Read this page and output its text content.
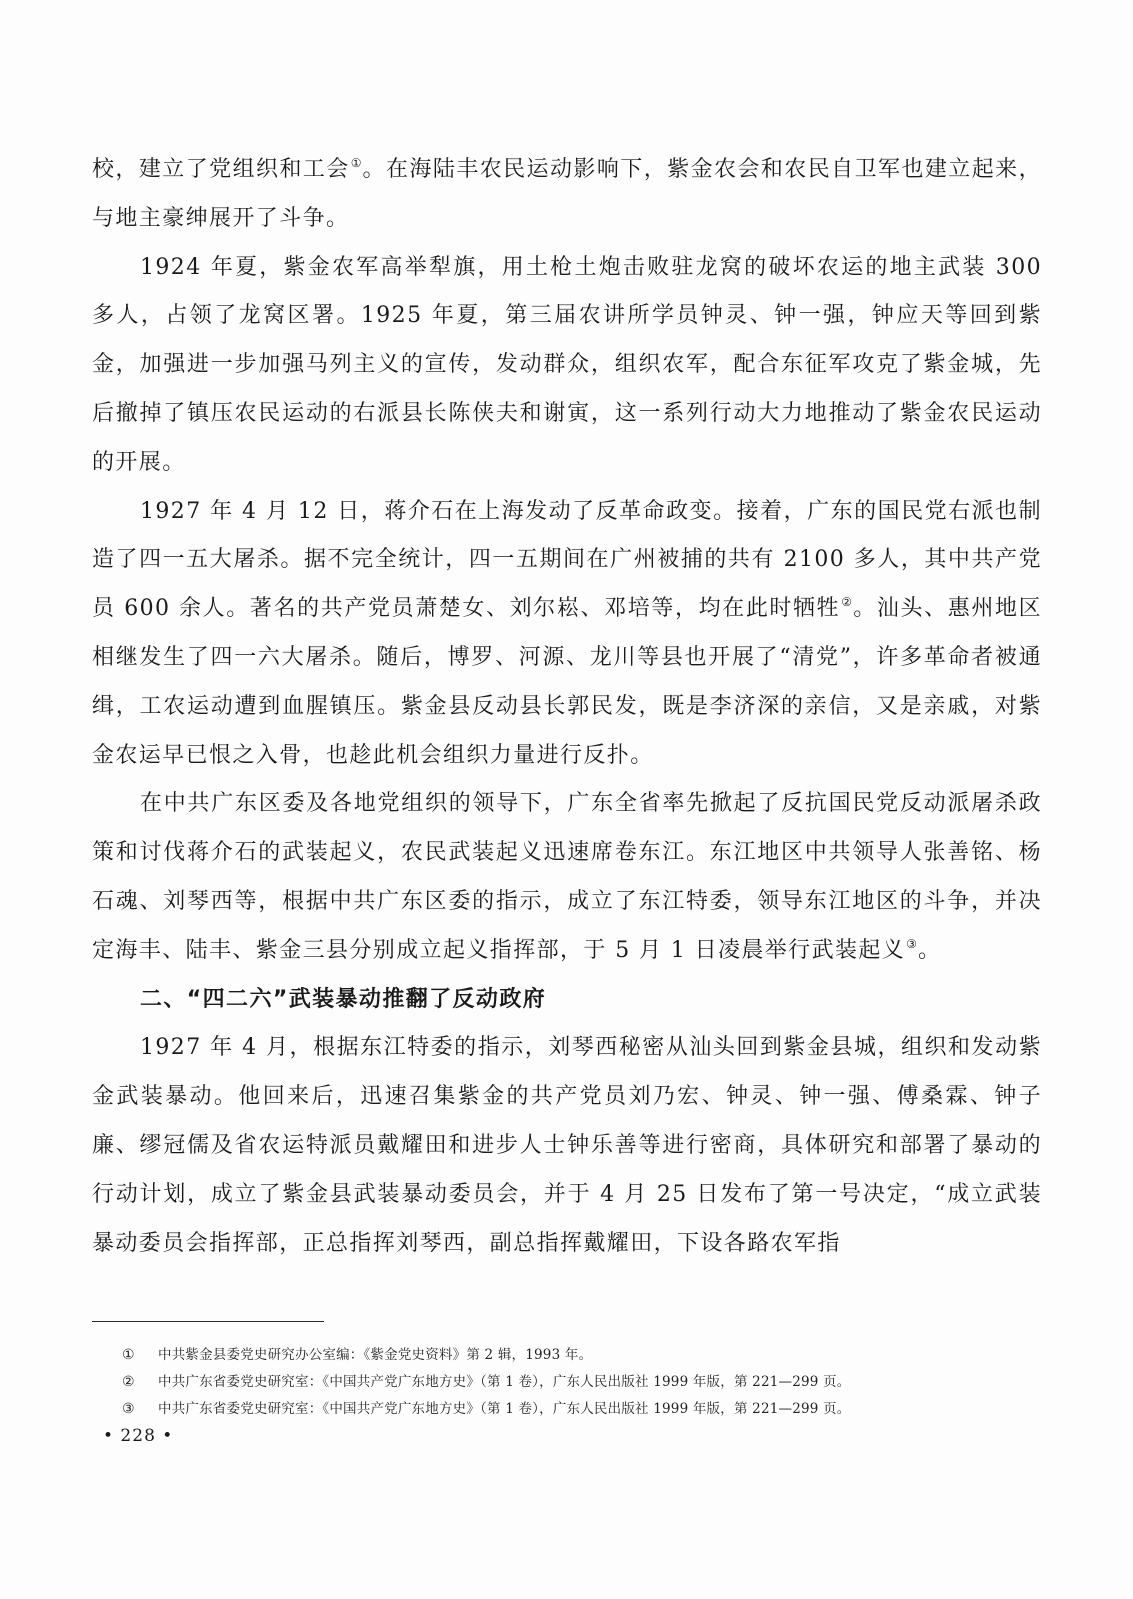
校，建立了党组织和工会①。在海陆丰农民运动影响下，紫金农会和农民自卫军也建立起来，与地主豪绅展开了斗争。

1924 年夏，紫金农军高举犁旗，用土枪土炮击败驻龙窝的破坏农运的地主武装 300 多人，占领了龙窝区署。1925 年夏，第三届农讲所学员钟灵、钟一强，钟应天等回到紫金，加强进一步加强马列主义的宣传，发动群众，组织农军，配合东征军攻克了紫金城，先后撤掉了镇压农民运动的右派县长陈侠夫和谢寅，这一系列行动大力地推动了紫金农民运动的开展。

1927 年 4 月 12 日，蒋介石在上海发动了反革命政变。接着，广东的国民党右派也制造了四一五大屠杀。据不完全统计，四一五期间在广州被捕的共有 2100 多人，其中共产党员 600 余人。著名的共产党员萧楚女、刘尔崧、邓培等，均在此时牺牲②。汕头、惠州地区相继发生了四一六大屠杀。随后，博罗、河源、龙川等县也开展了“清党”，许多革命者被通缉，工农运动遭到血腥镇压。紫金县反动县长郭民发，既是李济深的亲信，又是亲戚，对紫金农运早已恨之入骨，也趁此机会组织力量进行反扑。

在中共广东区委及各地党组织的领导下，广东全省率先掀起了反抗国民党反动派屠杀政策和讨伐蒋介石的武装起义，农民武装起义迅速席卷东江。东江地区中共领导人张善铭、杨石魂、刘琴西等，根据中共广东区委的指示，成立了东江特委，领导东江地区的斗争，并决定海丰、陆丰、紫金三县分别成立起义指挥部，于 5 月 1 日凌晨举行武装起义③。

二、“四二六”武装暴动推翻了反动政府

1927 年 4 月，根据东江特委的指示，刘琴西秘密从汕头回到紫金县城，组织和发动紫金武装暴动。他回来后，迅速召集紫金的共产党员刘乃宏、钟灵、钟一强、傅桑霖、钟子廉、缪冠儒及省农运特派员戴耀田和进步人士钟乐善等进行密商，具体研究和部署了暴动的行动计划，成立了紫金县武装暴动委员会，并于 4 月 25 日发布了第一号决定，“成立武装暴动委员会指挥部，正总指挥刘琴西，副总指挥戴耀田，下设各路农军指

①	中共紫金县委党史研究办公室编：《紫金党史资料》第 2 辑，1993 年。
②	中共广东省委党史研究室：《中国共产党广东地方史》（第 1 卷），广东人民出版社 1999 年版，第 221—299 页。
③	中共广东省委党史研究室：《中国共产党广东地方史》（第 1 卷），广东人民出版社 1999 年版，第 221—299 页。
• 228 •
